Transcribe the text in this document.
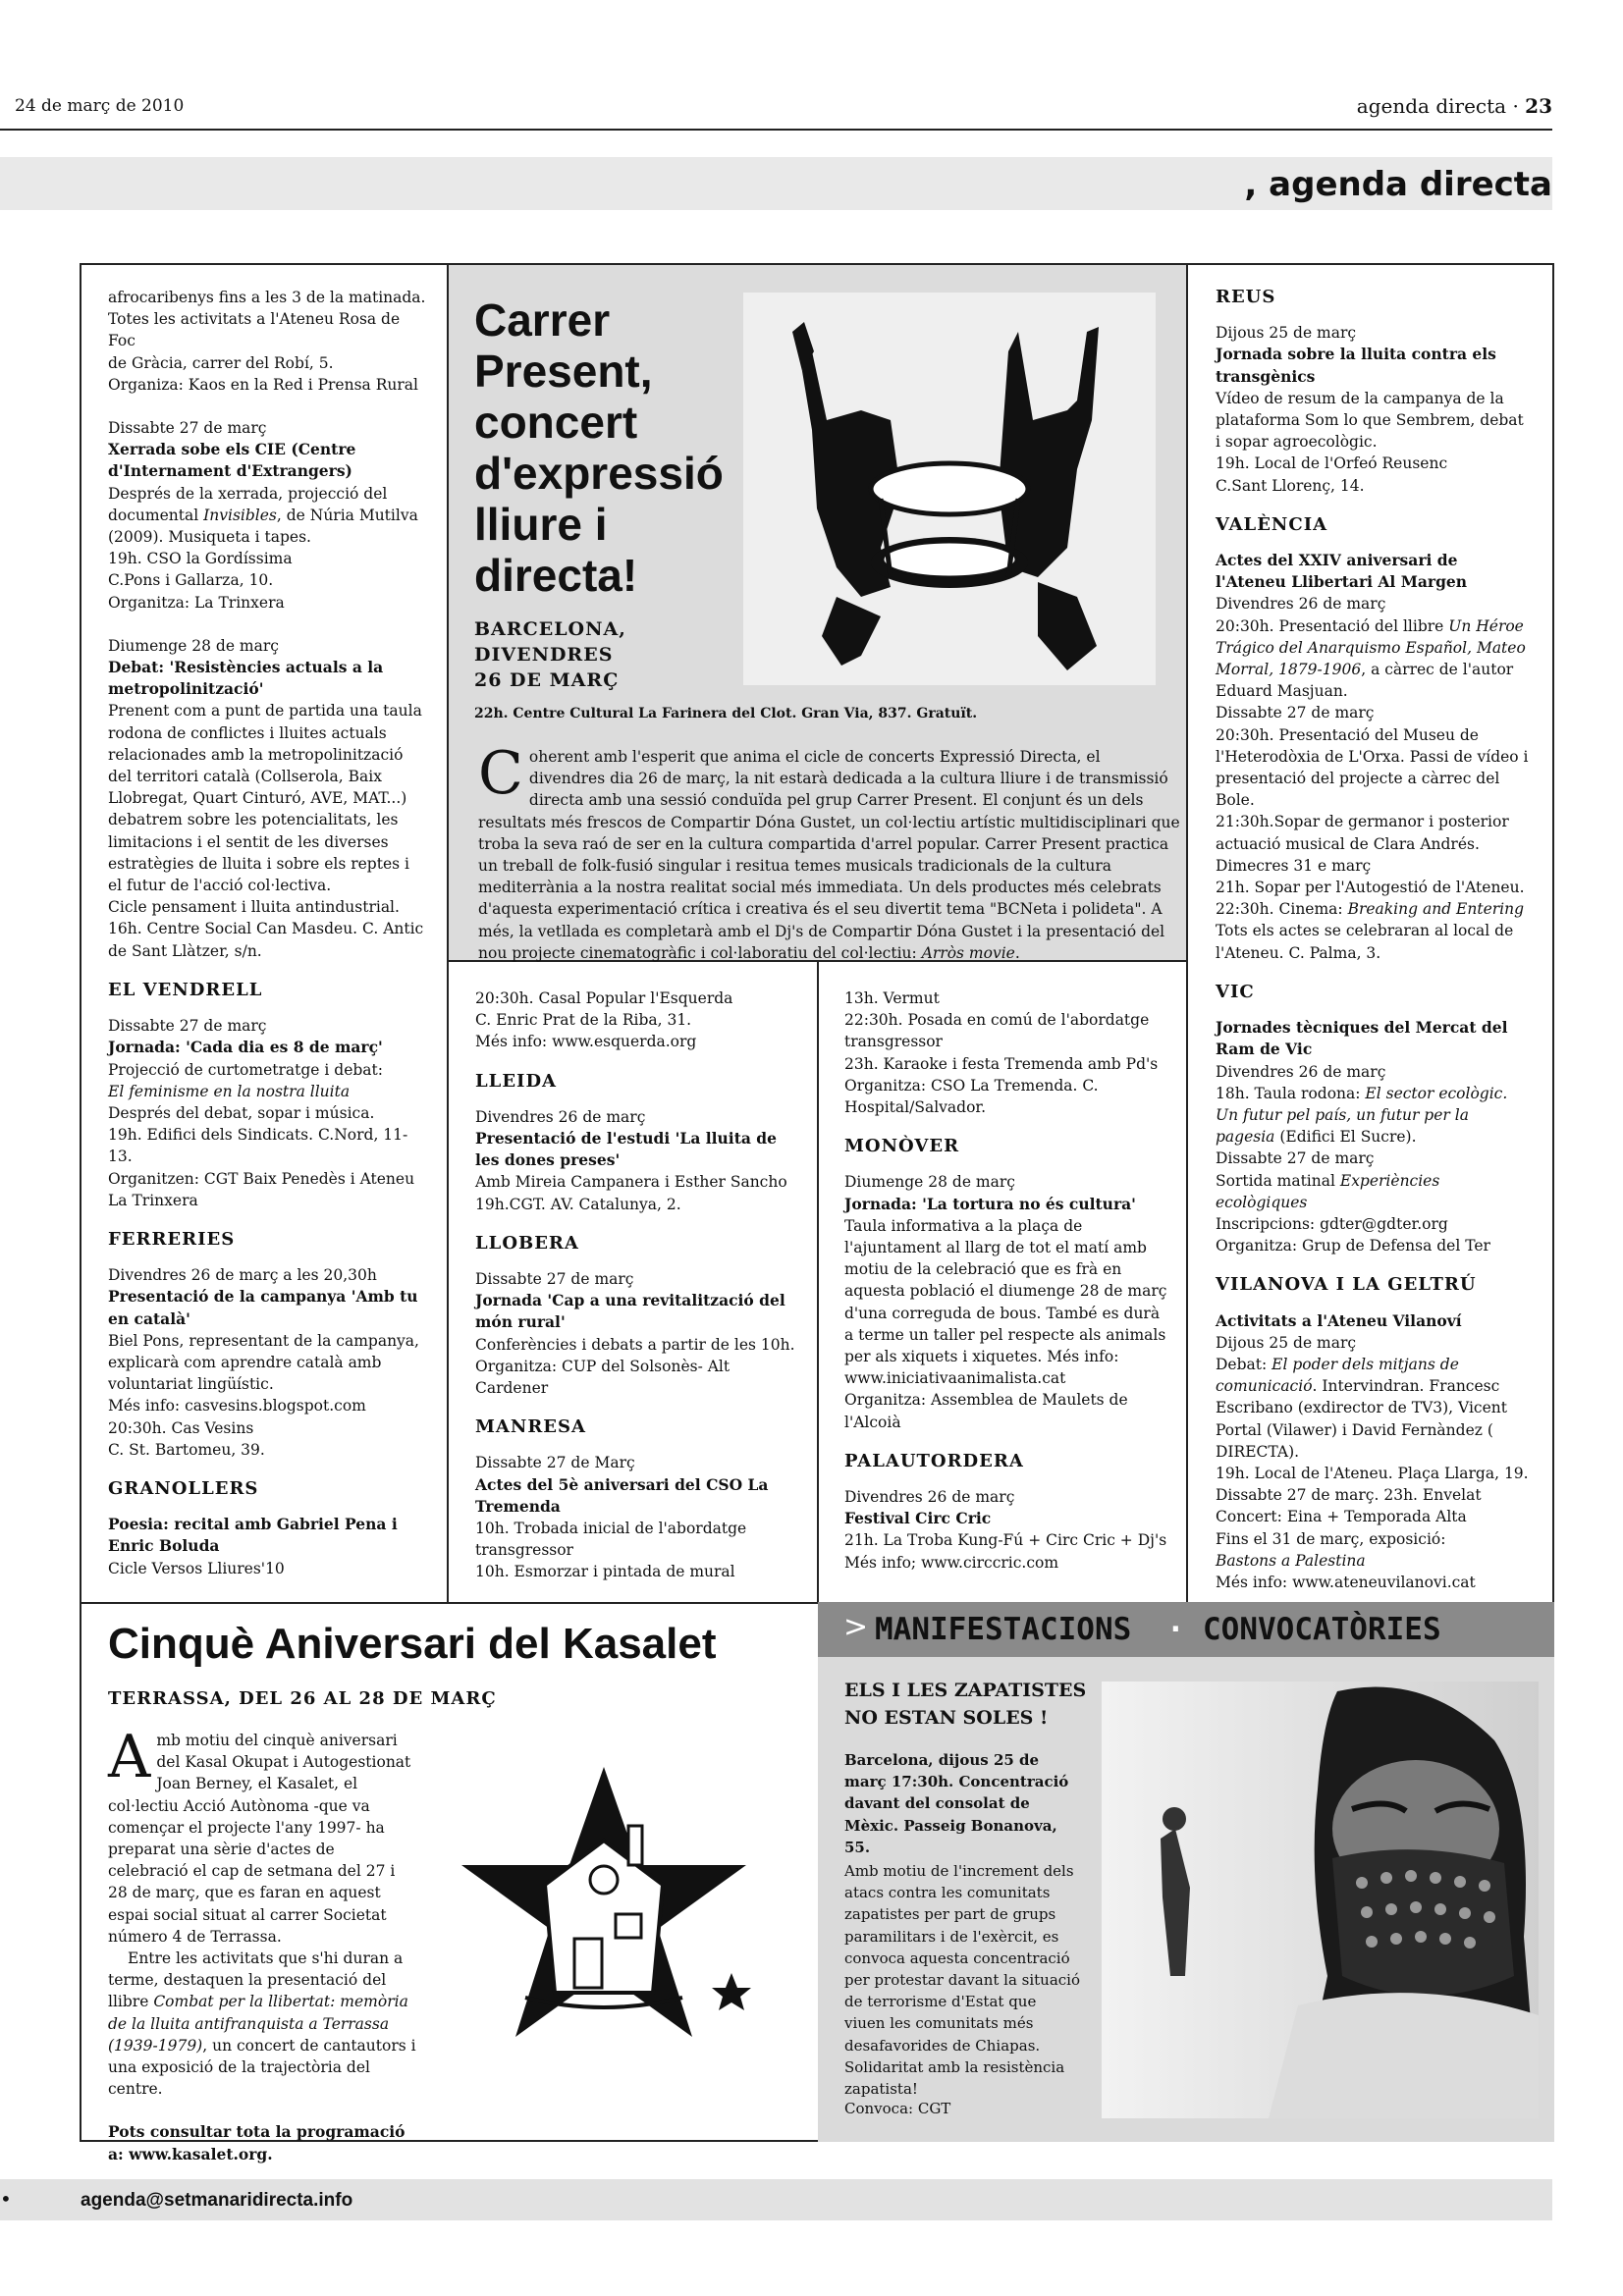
24 de març de 2010	agenda directa · 23
, agenda directa

afrocaribenys fins a les 3 de la matinada.

Totes les activitats a l'Ateneu Rosa de Foc

de Gràcia, carrer del Robí, 5.

Organiza: Kaos en la Red i Prensa Rural

Dissabte 27 de març

Xerrada sobe els CIE (Centre d'Internament d'Extrangers)

Després de la xerrada, projecció del documental Invisibles, de Núria Mutilva (2009). Musiqueta i tapes.

19h. CSO la Gordíssima

C.Pons i Gallarza, 10.

Organitza: La Trinxera

Diumenge 28 de març

Debat: 'Resistències actuals a la metropolinització'

Prenent com a punt de partida una taula rodona de conflictes i lluites actuals relacionades amb la metropolinització del territori català (Collserola, Baix Llobregat, Quart Cinturó, AVE, MAT...) debatrem sobre les potencialitats, les limitacions i el sentit de les diverses estratègies de lluita i sobre els reptes i el futur de l'acció col·lectiva.

Cicle pensament i lluita antindustrial.

16h. Centre Social Can Masdeu. C. Antic de Sant Llàtzer, s/n.

EL VENDRELL

Dissabte 27 de març

Jornada: 'Cada dia es 8 de març'

Projecció de curtometratge i debat:

El feminisme en la nostra lluita

Després del debat, sopar i música.

19h. Edifici dels Sindicats. C.Nord, 11-13.

Organitzen: CGT Baix Penedès i Ateneu La Trinxera

FERRERIES

Divendres 26 de març a les 20,30h

Presentació de la campanya 'Amb tu en català'

Biel Pons, representant de la campanya, explicarà com aprendre català amb voluntariat lingüístic.

Més info: casvesins.blogspot.com

20:30h. Cas Vesins

C. St. Bartomeu, 39.

GRANOLLERS

Poesia: recital amb Gabriel Pena i Enric Boluda

Cicle Versos Lliures'10

Carrer Present, concert d'expressió lliure i directa!
BARCELONA,
DIVENDRES
26 DE MARÇ
22h. Centre Cultural La Farinera del Clot. Gran Via, 837. Gratuït.
Coherent amb l'esperit que anima el cicle de concerts Expressió Directa, el divendres dia 26 de març, la nit estarà dedicada a la cultura lliure i de transmissió directa amb una sessió conduïda pel grup Carrer Present. El conjunt és un dels resultats més frescos de Compartir Dóna Gustet, un col·lectiu artístic multidisciplinari que troba la seva raó de ser en la cultura compartida d'arrel popular. Carrer Present practica un treball de folk-fusió singular i resitua temes musicals tradicionals de la cultura mediterrània a la nostra realitat social més immediata. Un dels productes més celebrats d'aquesta experimentació crítica i creativa és el seu divertit tema "BCNeta i polideta". A més, la vetllada es completarà amb el Dj's de Compartir Dóna Gustet i la presentació del nou projecte cinematogràfic i col·laboratiu del col·lectiu: Arròs movie.

20:30h. Casal Popular l'Esquerda

C. Enric Prat de la Riba, 31.

Més info: www.esquerda.org

LLEIDA

Divendres 26 de març

Presentació de l'estudi 'La lluita de les dones preses'

Amb Mireia Campanera i Esther Sancho

19h.CGT. AV. Catalunya, 2.

LLOBERA

Dissabte 27 de març

Jornada 'Cap a una revitalització del món rural'

Conferències i debats a partir de les 10h.

Organitza: CUP del Solsonès- Alt Cardener

MANRESA

Dissabte 27 de Març

Actes del 5è aniversari del CSO La Tremenda

10h. Trobada inicial de l'abordatge transgressor

10h. Esmorzar i pintada de mural

13h. Vermut

22:30h. Posada en comú de l'abordatge transgressor

23h. Karaoke i festa Tremenda amb Pd's

Organitza: CSO La Tremenda. C. Hospital/Salvador.

MONÒVER

Diumenge 28 de març

Jornada: 'La tortura no és cultura'

Taula informativa a la plaça de l'ajuntament al llarg de tot el matí amb motiu de la celebració que es frà en aquesta població el diumenge 28 de març d'una correguda de bous. També es durà a terme un taller pel respecte als animals per als xiquets i xiquetes. Més info: www.iniciativaanimalista.cat

Organitza: Assemblea de Maulets de l'Alcoià

PALAUTORDERA

Divendres 26 de març

Festival Circ Cric

21h. La Troba Kung-Fú + Circ Cric + Dj's

Més info; www.circcric.com

REUS

Dijous 25 de març

Jornada sobre la lluita contra els transgènics

Vídeo de resum de la campanya de la plataforma Som lo que Sembrem, debat i sopar agroecològic.

19h. Local de l'Orfeó Reusenc

C.Sant Llorenç, 14.

VALÈNCIA

Actes del XXIV aniversari de l'Ateneu Llibertari Al Margen

Divendres 26 de març

20:30h. Presentació del llibre Un Héroe Trágico del Anarquismo Español, Mateo Morral, 1879-1906, a càrrec de l'autor Eduard Masjuan.

Dissabte 27 de març

20:30h. Presentació del Museu de l'Heterodòxia de L'Orxa. Passi de vídeo i presentació del projecte a càrrec del Bole.

21:30h.Sopar de germanor i posterior actuació musical de Clara Andrés.

Dimecres 31 e març

21h. Sopar per l'Autogestió de l'Ateneu.

22:30h. Cinema: Breaking and Entering

Tots els actes se celebraran al local de l'Ateneu. C. Palma, 3.

VIC

Jornades tècniques del Mercat del Ram de Vic

Divendres 26 de març

18h. Taula rodona: El sector ecològic. Un futur pel país, un futur per la pagesia (Edifici El Sucre).

Dissabte 27 de març

Sortida matinal Experiències ecològiques

Inscripcions: gdter@gdter.org

Organitza: Grup de Defensa del Ter

VILANOVA I LA GELTRÚ

Activitats a l'Ateneu Vilanoví

Dijous 25 de març

Debat: El poder dels mitjans de comunicació. Intervindran. Francesc Escribano (exdirector de TV3), Vicent Portal (Vilawer) i David Fernàndez ( DIRECTA).

19h. Local de l'Ateneu. Plaça Llarga, 19.

Dissabte 27 de març. 23h. Envelat

Concert: Eina + Temporada Alta

Fins el 31 de març, exposició:

Bastons a Palestina

Més info: www.ateneuvilanovi.cat

Cinquè Aniversari del Kasalet
TERRASSA, DEL 26 AL 28 DE MARÇ

Amb motiu del cinquè aniversari del Kasal Okupat i Autogestionat Joan Berney, el Kasalet, el col·lectiu Acció Autònoma -que va començar el projecte l'any 1997- ha preparat una sèrie d'actes de celebració el cap de setmana del 27 i 28 de març, que es faran en aquest espai social situat al carrer Societat número 4 de Terrassa.

Entre les activitats que s'hi duran a terme, destaquen la presentació del llibre Combat per la llibertat: memòria de la lluita antifranquista a Terrassa (1939-1979), un concert de cantautors i una exposició de la trajectòria del centre.

Pots consultar tota la programació a: www.kasalet.org.

> MANIFESTACIONS · CONVOCATÒRIES
ELS I LES ZAPATISTES NO ESTAN SOLES !
Barcelona, dijous 25 de març 17:30h. Concentració davant del consolat de Mèxic. Passeig Bonanova, 55.
Amb motiu de l'increment dels atacs contra les comunitats zapatistes per part de grups paramilitars i de l'exèrcit, es convoca aquesta concentració per protestar davant la situació de terrorisme d'Estat que viuen les comunitats més desafavorides de Chiapas. Solidaritat amb la resistència zapatista!
Convoca: CGT
•	agenda@setmanaridirecta.info
